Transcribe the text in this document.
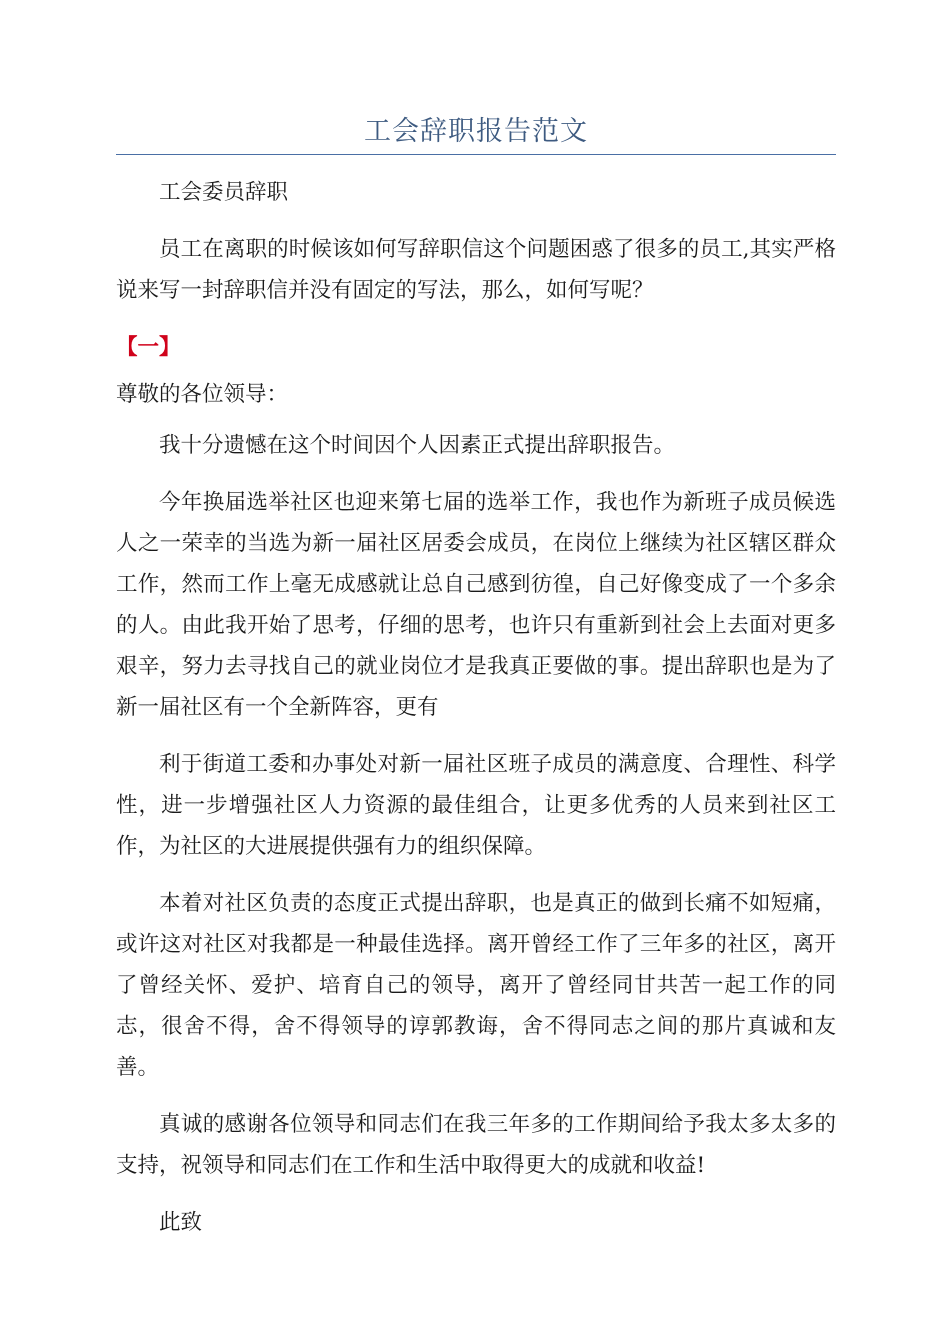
工会辞职报告范文

工会委员辞职

员工在离职的时候该如何写辞职信这个问题困惑了很多的员工,其实严格说来写一封辞职信并没有固定的写法，那么，如何写呢？

【一】

尊敬的各位领导：

我十分遗憾在这个时间因个人因素正式提出辞职报告。

今年换届选举社区也迎来第七届的选举工作，我也作为新班子成员候选人之一荣幸的当选为新一届社区居委会成员，在岗位上继续为社区辖区群众工作，然而工作上毫无成感就让总自己感到彷徨，自己好像变成了一个多余的人。由此我开始了思考，仔细的思考，也许只有重新到社会上去面对更多艰辛，努力去寻找自己的就业岗位才是我真正要做的事。提出辞职也是为了新一届社区有一个全新阵容，更有

利于街道工委和办事处对新一届社区班子成员的满意度、合理性、科学性，进一步增强社区人力资源的最佳组合，让更多优秀的人员来到社区工作，为社区的大进展提供强有力的组织保障。

本着对社区负责的态度正式提出辞职，也是真正的做到长痛不如短痛，或许这对社区对我都是一种最佳选择。离开曾经工作了三年多的社区，离开了曾经关怀、爱护、培育自己的领导，离开了曾经同甘共苦一起工作的同志，很舍不得，舍不得领导的谆郭教诲，舍不得同志之间的那片真诚和友善。

真诚的感谢各位领导和同志们在我三年多的工作期间给予我太多太多的支持，祝领导和同志们在工作和生活中取得更大的成就和收益!

此致
